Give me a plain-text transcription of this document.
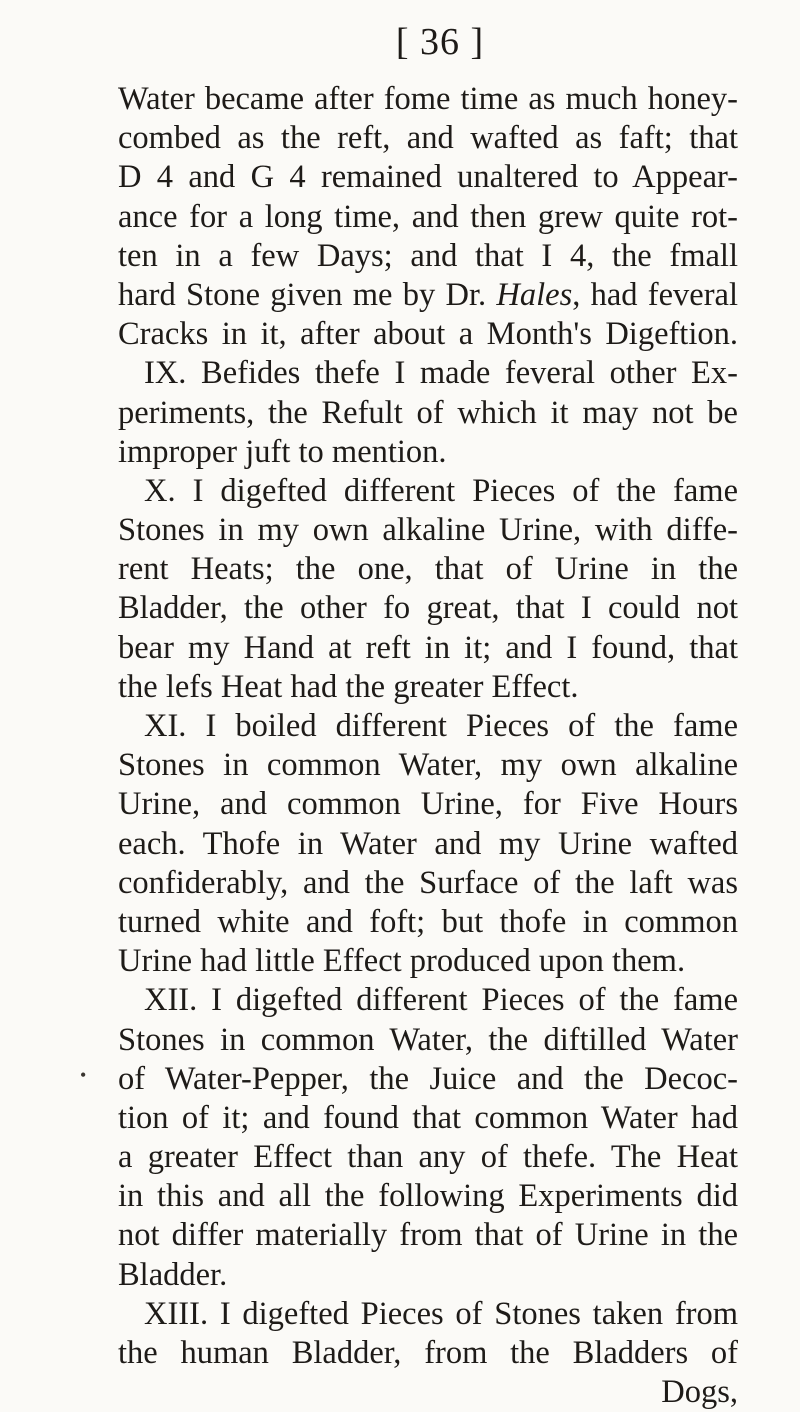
[ 36 ]
Water became after fome time as much honey-
combed as the reft, and wafted as faft; that
D 4 and G 4 remained unaltered to Appear-
ance for a long time, and then grew quite rot-
ten in a few Days; and that I 4, the fmall
hard Stone given me by Dr. Hales, had feveral
Cracks in it, after about a Month's Digeftion.
IX. Befides thefe I made feveral other Ex-
periments, the Refult of which it may not be
improper juft to mention.
X. I digefted different Pieces of the fame
Stones in my own alkaline Urine, with diffe-
rent Heats; the one, that of Urine in the
Bladder, the other fo great, that I could not
bear my Hand at reft in it; and I found, that
the lefs Heat had the greater Effect.
XI. I boiled different Pieces of the fame
Stones in common Water, my own alkaline
Urine, and common Urine, for Five Hours
each. Thofe in Water and my Urine wafted
confiderably, and the Surface of the laft was
turned white and foft; but thofe in common
Urine had little Effect produced upon them.
XII. I digefted different Pieces of the fame
Stones in common Water, the diftilled Water
of Water-Pepper, the Juice and the Decoc-
tion of it; and found that common Water had
a greater Effect than any of thefe. The Heat
in this and all the following Experiments did
not differ materially from that of Urine in the
Bladder.
XIII. I digefted Pieces of Stones taken from
the human Bladder, from the Bladders of
Dogs,
•
